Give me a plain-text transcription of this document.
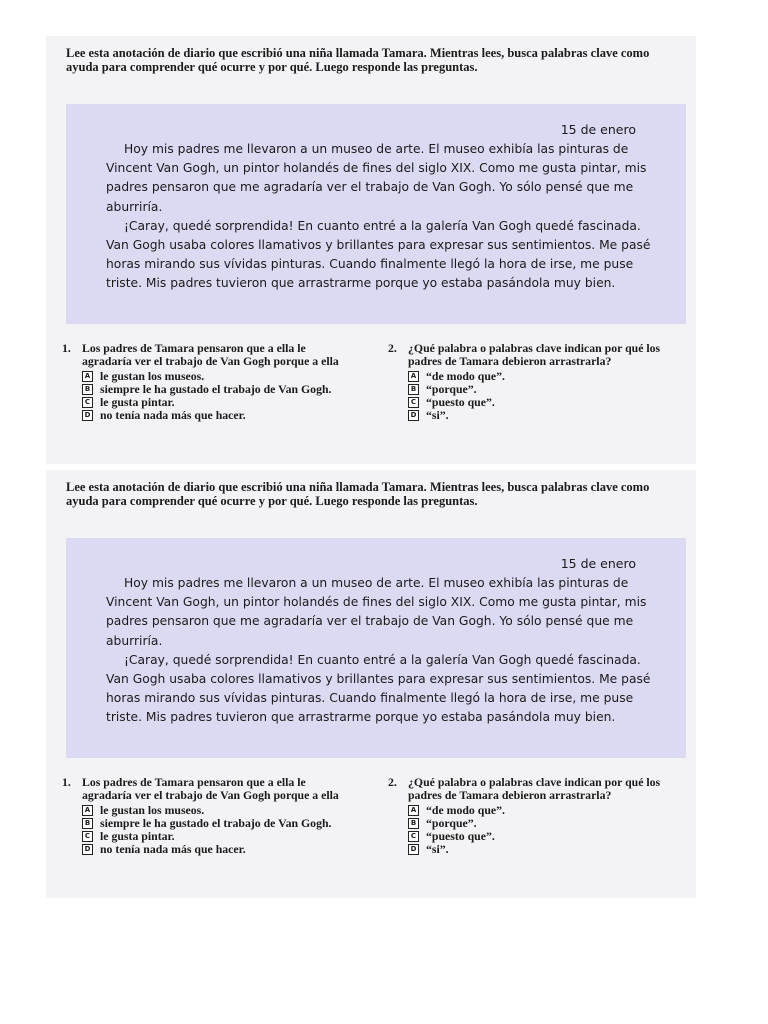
Lee esta anotación de diario que escribió una niña llamada Tamara. Mientras lees, busca palabras clave como ayuda para comprender qué ocurre y por qué. Luego responde las preguntas.

15 de enero

Hoy mis padres me llevaron a un museo de arte. El museo exhibía las pinturas de Vincent Van Gogh, un pintor holandés de fines del siglo XIX. Como me gusta pintar, mis padres pensaron que me agradaría ver el trabajo de Van Gogh. Yo sólo pensé que me aburriría.

¡Caray, quedé sorprendida! En cuanto entré a la galería Van Gogh quedé fascinada. Van Gogh usaba colores llamativos y brillantes para expresar sus sentimientos. Me pasé horas mirando sus vívidas pinturas. Cuando finalmente llegó la hora de irse, me puse triste. Mis padres tuvieron que arrastrarme porque yo estaba pasándola muy bien.

1. Los padres de Tamara pensaron que a ella le agradaría ver el trabajo de Van Gogh porque a ella
A le gustan los museos.
B siempre le ha gustado el trabajo de Van Gogh.
C le gusta pintar.
D no tenía nada más que hacer.
2. ¿Qué palabra o palabras clave indican por qué los padres de Tamara debieron arrastrarla?
A “de modo que”.
B “porque”.
C “puesto que”.
D “si”.

Lee esta anotación de diario que escribió una niña llamada Tamara. Mientras lees, busca palabras clave como ayuda para comprender qué ocurre y por qué. Luego responde las preguntas.

15 de enero

Hoy mis padres me llevaron a un museo de arte. El museo exhibía las pinturas de Vincent Van Gogh, un pintor holandés de fines del siglo XIX. Como me gusta pintar, mis padres pensaron que me agradaría ver el trabajo de Van Gogh. Yo sólo pensé que me aburriría.

¡Caray, quedé sorprendida! En cuanto entré a la galería Van Gogh quedé fascinada. Van Gogh usaba colores llamativos y brillantes para expresar sus sentimientos. Me pasé horas mirando sus vívidas pinturas. Cuando finalmente llegó la hora de irse, me puse triste. Mis padres tuvieron que arrastrarme porque yo estaba pasándola muy bien.

1. Los padres de Tamara pensaron que a ella le agradaría ver el trabajo de Van Gogh porque a ella
A le gustan los museos.
B siempre le ha gustado el trabajo de Van Gogh.
C le gusta pintar.
D no tenía nada más que hacer.
2. ¿Qué palabra o palabras clave indican por qué los padres de Tamara debieron arrastrarla?
A “de modo que”.
B “porque”.
C “puesto que”.
D “si”.
